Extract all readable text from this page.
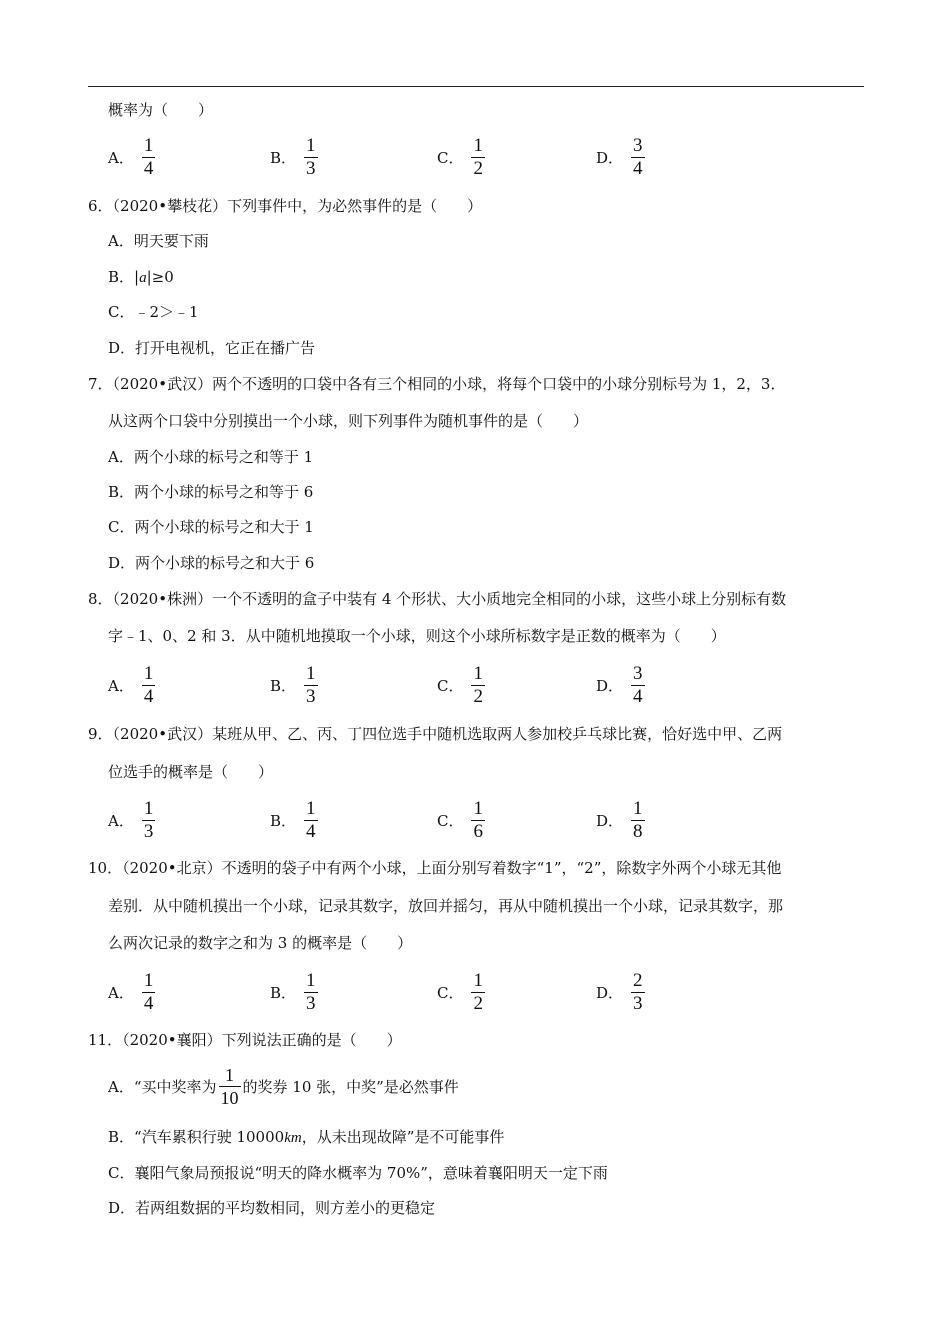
概率为（　　）
A． $\frac{1}{4}$	B． $\frac{1}{3}$	C． $\frac{1}{2}$	D． $\frac{3}{4}$
6．（2020•攀枝花）下列事件中，为必然事件的是（　　）
A．明天要下雨
B．|a|≥0
C．﹣2＞﹣1
D．打开电视机，它正在播广告
7．（2020•武汉）两个不透明的口袋中各有三个相同的小球，将每个口袋中的小球分别标号为 1，2，3．
从这两个口袋中分别摸出一个小球，则下列事件为随机事件的是（　　）
A．两个小球的标号之和等于 1
B．两个小球的标号之和等于 6
C．两个小球的标号之和大于 1
D．两个小球的标号之和大于 6
8．（2020•株洲）一个不透明的盒子中装有 4 个形状、大小质地完全相同的小球，这些小球上分别标有数
字﹣1、0、2 和 3．从中随机地摸取一个小球，则这个小球所标数字是正数的概率为（　　）
A． $\frac{1}{4}$	B． $\frac{1}{3}$	C． $\frac{1}{2}$	D． $\frac{3}{4}$
9．（2020•武汉）某班从甲、乙、丙、丁四位选手中随机选取两人参加校乒乓球比赛，恰好选中甲、乙两
位选手的概率是（　　）
A． $\frac{1}{3}$	B． $\frac{1}{4}$	C． $\frac{1}{6}$	D． $\frac{1}{8}$
10．（2020•北京）不透明的袋子中有两个小球，上面分别写着数字“1”，“2”，除数字外两个小球无其他
差别．从中随机摸出一个小球，记录其数字，放回并摇匀，再从中随机摸出一个小球，记录其数字，那
么两次记录的数字之和为 3 的概率是（　　）
A． $\frac{1}{4}$	B． $\frac{1}{3}$	C． $\frac{1}{2}$	D． $\frac{2}{3}$
11．（2020•襄阳）下列说法正确的是（　　）
A．“买中奖率为 $\frac{1}{10}$ 的奖券 10 张，中奖”是必然事件
B．“汽车累积行驶 10000km，从未出现故障”是不可能事件
C．襄阳气象局预报说“明天的降水概率为 70%”，意味着襄阳明天一定下雨
D．若两组数据的平均数相同，则方差小的更稳定
